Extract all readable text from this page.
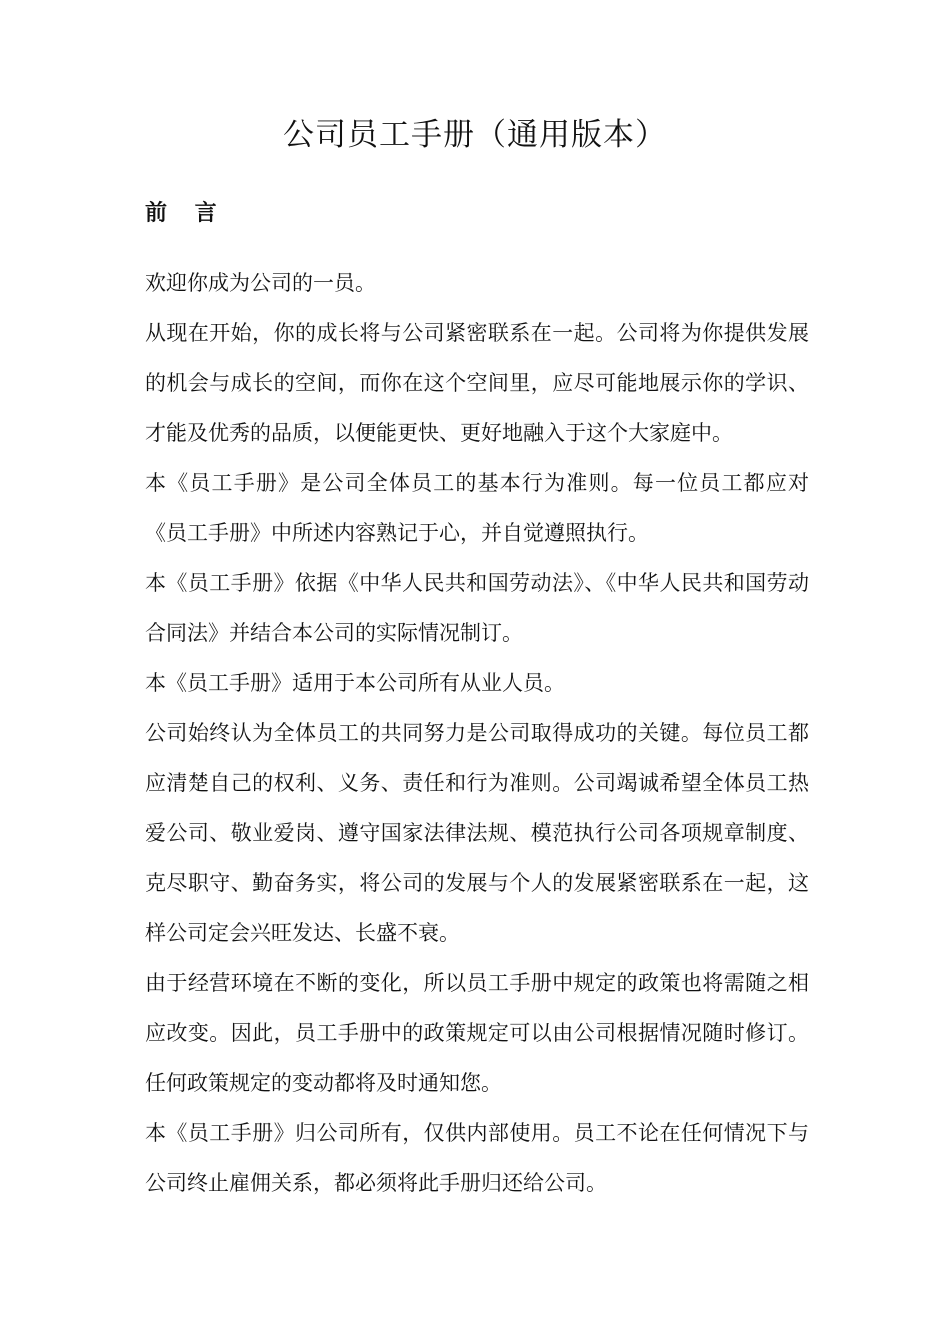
公司员工手册（通用版本）
前 言

欢迎你成为公司的一员。

从现在开始，你的成长将与公司紧密联系在一起。公司将为你提供发展的机会与成长的空间，而你在这个空间里，应尽可能地展示你的学识、才能及优秀的品质，以便能更快、更好地融入于这个大家庭中。

本《员工手册》是公司全体员工的基本行为准则。每一位员工都应对《员工手册》中所述内容熟记于心，并自觉遵照执行。

本《员工手册》依据《中华人民共和国劳动法》、《中华人民共和国劳动合同法》并结合本公司的实际情况制订。

本《员工手册》适用于本公司所有从业人员。

公司始终认为全体员工的共同努力是公司取得成功的关键。每位员工都应清楚自己的权利、义务、责任和行为准则。公司竭诚希望全体员工热爱公司、敬业爱岗、遵守国家法律法规、模范执行公司各项规章制度、克尽职守、勤奋务实，将公司的发展与个人的发展紧密联系在一起，这样公司定会兴旺发达、长盛不衰。

由于经营环境在不断的变化，所以员工手册中规定的政策也将需随之相应改变。因此，员工手册中的政策规定可以由公司根据情况随时修订。任何政策规定的变动都将及时通知您。

本《员工手册》归公司所有，仅供内部使用。员工不论在任何情况下与公司终止雇佣关系，都必须将此手册归还给公司。
